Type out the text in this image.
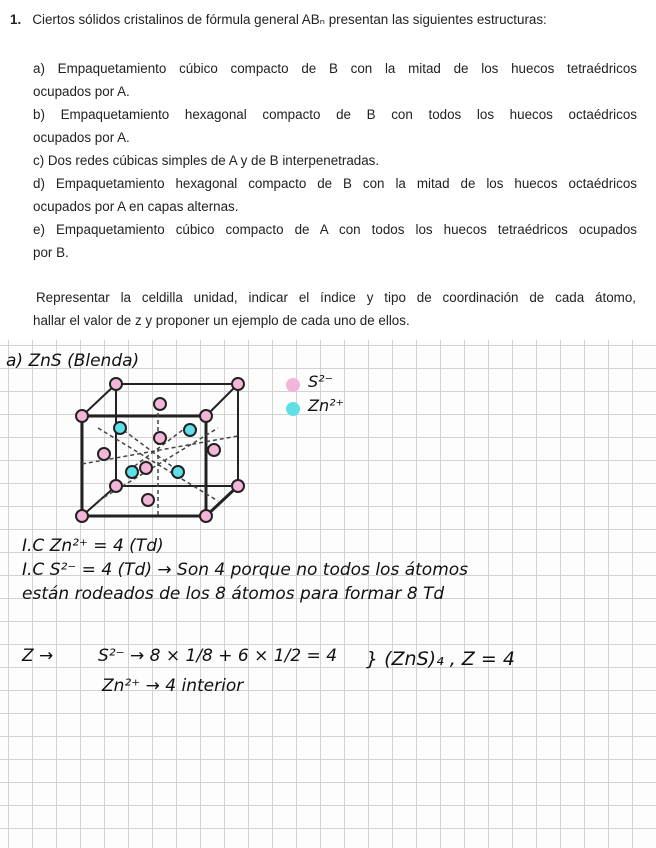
1. Ciertos sólidos cristalinos de fórmula general ABₙ presentan las siguientes estructuras:
a) Empaquetamiento cúbico compacto de B con la mitad de los huecos tetraédricos
ocupados por A.
b) Empaquetamiento hexagonal compacto de B con todos los huecos octaédricos
ocupados por A.
c) Dos redes cúbicas simples de A y de B interpenetradas.
d) Empaquetamiento hexagonal compacto de B con la mitad de los huecos octaédricos
ocupados por A en capas alternas.
e) Empaquetamiento cúbico compacto de A con todos los huecos tetraédricos ocupados
por B.
Representar la celdilla unidad, indicar el índice y tipo de coordinación de cada átomo,
hallar el valor de z y proponer un ejemplo de cada uno de ellos.
a) ZnS (Blenda)
S²⁻
Zn²⁺
I.C Zn²⁺ = 4 (Td)
I.C S²⁻ = 4 (Td) → Son 4 porque no todos los átomos
están rodeados de los 8 átomos para formar 8 Td
Z →	S²⁻ → 8 × 1/8 + 6 × 1/2 = 4
Zn²⁺ → 4 interior
} (ZnS)₄ , Z = 4
